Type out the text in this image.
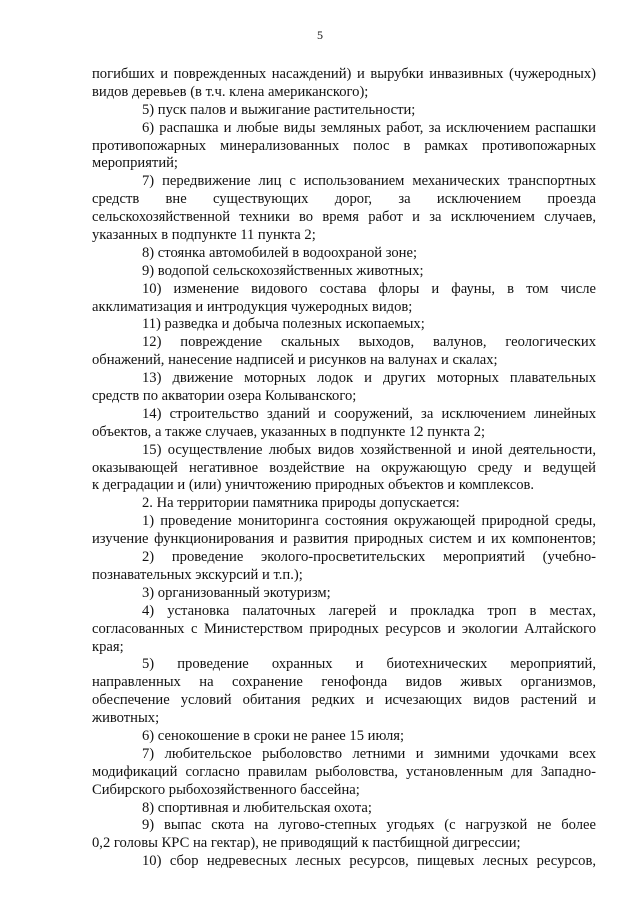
5
погибших и поврежденных насаждений) и вырубки инвазивных (чужеродных)
видов деревьев (в т.ч. клена американского);
5) пуск палов и выжигание растительности;
6) распашка и любые виды земляных работ, за исключением распашки
противопожарных минерализованных полос в рамках противопожарных
мероприятий;
7) передвижение лиц с использованием механических транспортных
средств вне существующих дорог, за исключением проезда
сельскохозяйственной техники во время работ и за исключением случаев,
указанных в подпункте 11 пункта 2;
8) стоянка автомобилей в водоохраной зоне;
9) водопой сельскохозяйственных животных;
10) изменение видового состава флоры и фауны, в том числе
акклиматизация и интродукция чужеродных видов;
11) разведка и добыча полезных ископаемых;
12) повреждение скальных выходов, валунов, геологических
обнажений, нанесение надписей и рисунков на валунах и скалах;
13) движение моторных лодок и других моторных плавательных
средств по акватории озера Колыванского;
14) строительство зданий и сооружений, за исключением линейных
объектов, а также случаев, указанных в подпункте 12 пункта 2;
15) осуществление любых видов хозяйственной и иной деятельности,
оказывающей негативное воздействие на окружающую среду и ведущей
к деградации и (или) уничтожению природных объектов и комплексов.
2. На территории памятника природы допускается:
1) проведение мониторинга состояния окружающей природной среды,
изучение функционирования и развития природных систем и их компонентов;
2) проведение эколого-просветительских мероприятий (учебно-
познавательных экскурсий и т.п.);
3) организованный экотуризм;
4) установка палаточных лагерей и прокладка троп в местах,
согласованных с Министерством природных ресурсов и экологии Алтайского
края;
5) проведение охранных и биотехнических мероприятий,
направленных на сохранение генофонда видов живых организмов,
обеспечение условий обитания редких и исчезающих видов растений и
животных;
6) сенокошение в сроки не ранее 15 июля;
7) любительское рыболовство летними и зимними удочками всех
модификаций согласно правилам рыболовства, установленным для Западно-
Сибирского рыбохозяйственного бассейна;
8) спортивная и любительская охота;
9) выпас скота на лугово-степных угодьях (с нагрузкой не более
0,2 головы КРС на гектар), не приводящий к пастбищной дигрессии;
10) сбор недревесных лесных ресурсов, пищевых лесных ресурсов,
